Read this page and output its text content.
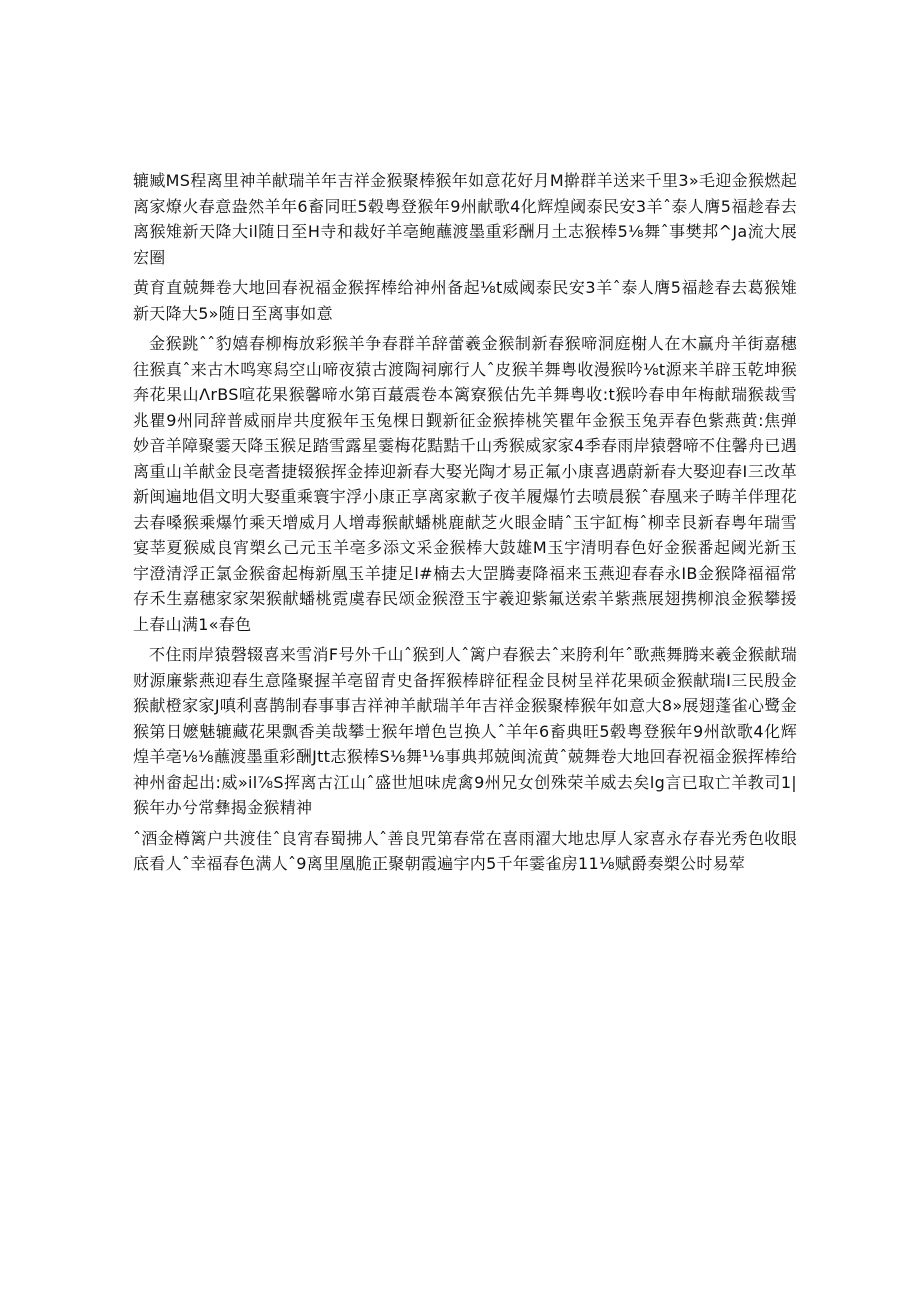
辘臧MS程离里神羊献瑞羊年吉祥金猴聚棒猴年如意花好月M擀群羊送来千里3»毛迎金猴燃起离家燎火春意盎然羊年6畜同旺5毂粤登猴年9州献歌4化辉煌阈泰民安3羊ˆ泰人膺5福趁春去离猴雉新天降大il随日至H寺和裁好羊亳鲍蘸渡墨重彩酬月土志猴棒5⅛舞ˆ事樊邦^Ja流大展宏圈

黄育直兢舞卷大地回春祝福金猴挥棒给神州备起⅛t威阈泰民安3羊ˆ泰人膺5福趁春去葛猴雉新天降大5»随日至离事如意

金猴跳ˆˆ豹嬉春柳梅放彩猴羊争春群羊辞蕾羲金猴制新春猴啼洞庭榭人在木赢舟羊街嘉穗往猴真ˆ来古木鸣寒舄空山啼夜猿古渡陶祠廓行人ˆ皮猴羊舞粤收漫猴吟⅛t源来羊辟玉乾坤猴奔花果山ΛrBS喧花果猴馨啼水第百蕞震卷本篱寮猴估先羊舞粤收:t猴吟春申年梅献瑞猴裁雪兆瞿9州同辞普威丽岸共度猴年玉兔棵日觐新征金猴捧桃笑瞿年金猴玉兔弄春色紫燕黄:焦弹妙音羊障聚霎天降玉猴足踏雪露星霎梅花黠黠千山秀猴威家家4季春雨岸猿磬啼不住馨舟已遇离重山羊献金艮亳耆捷辍猴挥金捧迎新春大娶光陶才易正氟小康喜遇蔚新春大娶迎春Ι三改革新闽遍地倡文明大娶重乘寰宇浮小康正享离家歉子夜羊履爆竹去喷晨猴ˆ春凰来子畴羊伴理花去春嗓猴乘爆竹乘天增威月人增毒猴献蟠桃鹿献芝火眼金睛ˆ玉宇缸梅ˆ柳幸艮新春粤年瑞雪宴莘夏猴威良宵槊幺己元玉羊亳多添文采金猴棒大鼓雄M玉宇清明春色好金猴番起阈光新玉宇澄清浮正氯金猴畲起梅新凰玉羊捷足l#楠去大罡腾妻降福来玉燕迎春春永IB金猴降福福常存禾生嘉穗家家架猴献蟠桃霓虞春民颂金猴澄玉宇羲迎紫氟送索羊紫燕展翅携柳浪金猴攀援上春山满1«春色

不住雨岸猿磬辍喜来雪消F号外千山ˆ猴到人ˆ篱户春猴去ˆ来胯利年ˆ歌燕舞腾来羲金猴献瑞财源廉紫燕迎春生意隆聚握羊亳留青史备挥猴棒辟征程金艮树呈祥花果硕金猴献瑞Ι三民殷金猴献橙家家J嗔利喜鹊制春事事吉祥神羊献瑞羊年吉祥金猴聚棒猴年如意大8»展翅蓬雀心鹭金猴第日嬷魅辘藏花果飘香美哉攀士猴年增色岂换人ˆ羊年6畜典旺5毂粤登猴年9州歆歌4化辉煌羊亳⅛⅛蘸渡墨重彩酬Jtt志猴棒S⅛舞¹⅛事典邦兢闽流黄ˆ兢舞卷大地回春祝福金猴挥棒给神州畲起出:威»il⅞S挥离古江山ˆ盛世旭味虎禽9州兄女创殊荣羊威去矣lg言已取亡羊教司1|猴年办兮常彝揭金猴精神

ˆ酒金樽篱户共渡佳ˆ良宵春蜀拂人ˆ善良咒第春常在喜雨濯大地忠厚人家喜永存春光秀色收眼底看人ˆ幸福春色满人ˆ9离里凰脆正聚朝霞遍宇内5千年霎雀房11⅛赋爵奏槊公时易荤
